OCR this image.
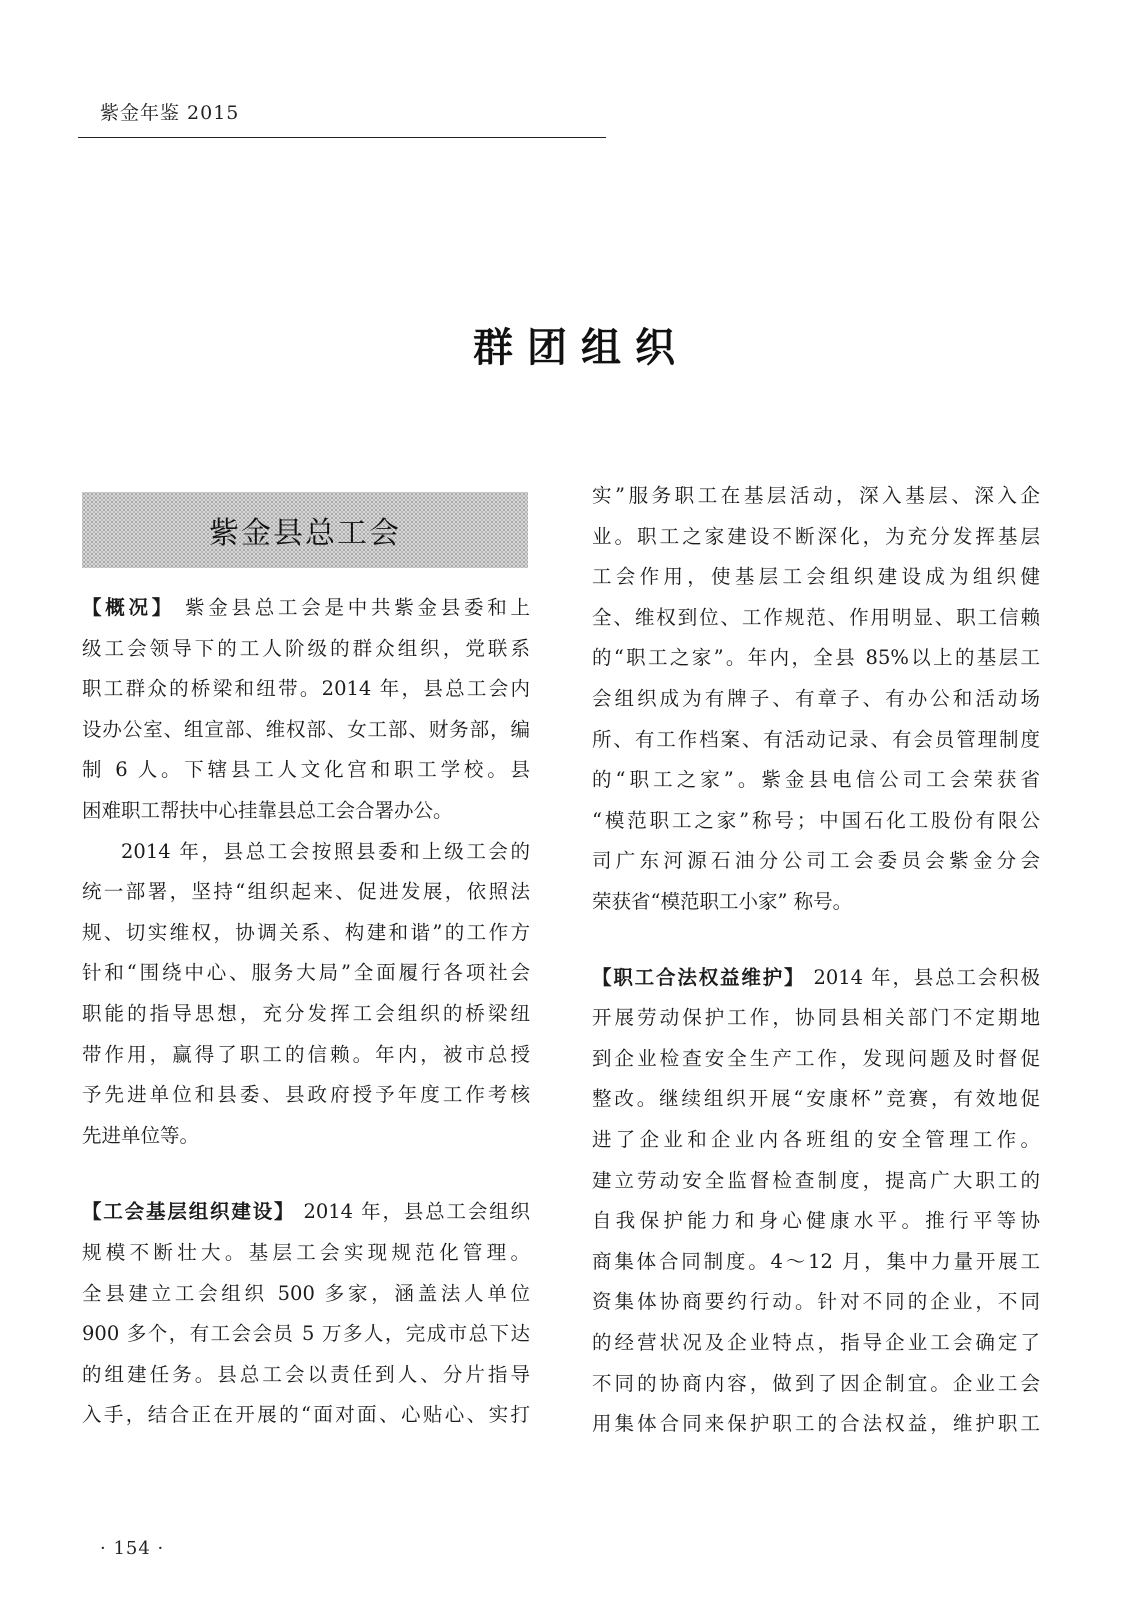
紫金年鉴 2015
群团组织
紫金县总工会
【概况】 紫金县总工会是中共紫金县委和上
级工会领导下的工人阶级的群众组织，党联系
职工群众的桥梁和纽带。2014 年，县总工会内
设办公室、组宣部、维权部、女工部、财务部，编
制 6 人。下辖县工人文化宫和职工学校。县
困难职工帮扶中心挂靠县总工会合署办公。
2014 年，县总工会按照县委和上级工会的
统一部署，坚持“组织起来、促进发展，依照法
规、切实维权，协调关系、构建和谐”的工作方
针和“围绕中心、服务大局”全面履行各项社会
职能的指导思想，充分发挥工会组织的桥梁纽
带作用，赢得了职工的信赖。年内，被市总授
予先进单位和县委、县政府授予年度工作考核
先进单位等。
【工会基层组织建设】 2014 年，县总工会组织
规模不断壮大。基层工会实现规范化管理。
全县建立工会组织 500 多家，涵盖法人单位
900 多个，有工会会员 5 万多人，完成市总下达
的组建任务。县总工会以责任到人、分片指导
入手，结合正在开展的“面对面、心贴心、实打
实”服务职工在基层活动，深入基层、深入企
业。职工之家建设不断深化，为充分发挥基层
工会作用，使基层工会组织建设成为组织健
全、维权到位、工作规范、作用明显、职工信赖
的“职工之家”。年内，全县 85%以上的基层工
会组织成为有牌子、有章子、有办公和活动场
所、有工作档案、有活动记录、有会员管理制度
的“职工之家”。紫金县电信公司工会荣获省
“模范职工之家”称号；中国石化工股份有限公
司广东河源石油分公司工会委员会紫金分会
荣获省“模范职工小家” 称号。
【职工合法权益维护】 2014 年，县总工会积极
开展劳动保护工作，协同县相关部门不定期地
到企业检查安全生产工作，发现问题及时督促
整改。继续组织开展“安康杯”竞赛，有效地促
进了企业和企业内各班组的安全管理工作。
建立劳动安全监督检查制度，提高广大职工的
自我保护能力和身心健康水平。推行平等协
商集体合同制度。4～12 月，集中力量开展工
资集体协商要约行动。针对不同的企业，不同
的经营状况及企业特点，指导企业工会确定了
不同的协商内容，做到了因企制宜。企业工会
用集体合同来保护职工的合法权益，维护职工
· 154 ·
